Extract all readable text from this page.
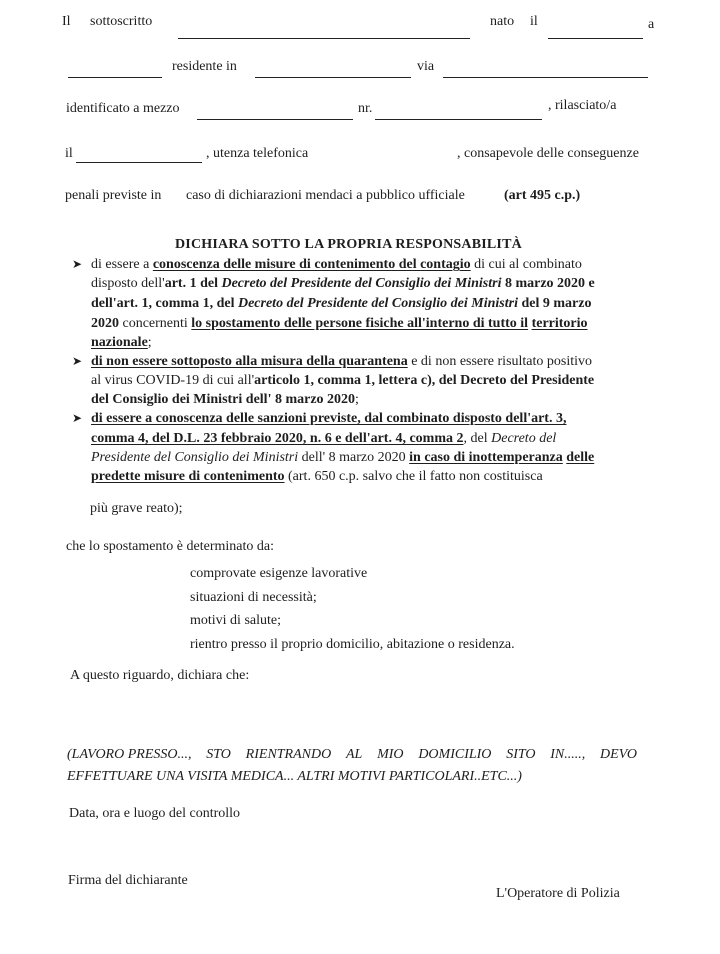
Il sottoscritto	nato il	a
residente in	via
identificato a mezzo	nr.	, rilasciato/a
il	, utenza telefonica	, consapevole delle conseguenze
penali previste in caso di dichiarazioni mendaci a pubblico ufficiale	(art 495 c.p.)
DICHIARA SOTTO LA PROPRIA RESPONSABILITÀ
➤ di essere a conoscenza delle misure di contenimento del contagio di cui al combinato
disposto dell'art. 1 del Decreto del Presidente del Consiglio dei Ministri 8 marzo 2020 e
dell'art. 1, comma 1, del Decreto del Presidente del Consiglio dei Ministri del 9 marzo
2020 concernenti lo spostamento delle persone fisiche all'interno di tutto il territorio
nazionale;
➤ di non essere sottoposto alla misura della quarantena e di non essere risultato positivo
al virus COVID-19 di cui all'articolo 1, comma 1, lettera c), del Decreto del Presidente
del Consiglio dei Ministri dell' 8 marzo 2020;
➤ di essere a conoscenza delle sanzioni previste, dal combinato disposto dell'art. 3,
comma 4, del D.L. 23 febbraio 2020, n. 6 e dell'art. 4, comma 2, del Decreto del
Presidente del Consiglio dei Ministri dell' 8 marzo 2020 in caso di inottemperanza delle
predette misure di contenimento (art. 650 c.p. salvo che il fatto non costituisca
più grave reato);
che lo spostamento è determinato da:
comprovate esigenze lavorative
situazioni di necessità;
motivi di salute;
rientro presso il proprio domicilio, abitazione o residenza.
A questo riguardo, dichiara che:
(LAVORO PRESSO..., STO RIENTRANDO AL MIO DOMICILIO SITO IN....., DEVO
EFFETTUARE UNA VISITA MEDICA... ALTRI MOTIVI PARTICOLARI..ETC...)
Data, ora e luogo del controllo
Firma del dichiarante
L'Operatore di Polizia
